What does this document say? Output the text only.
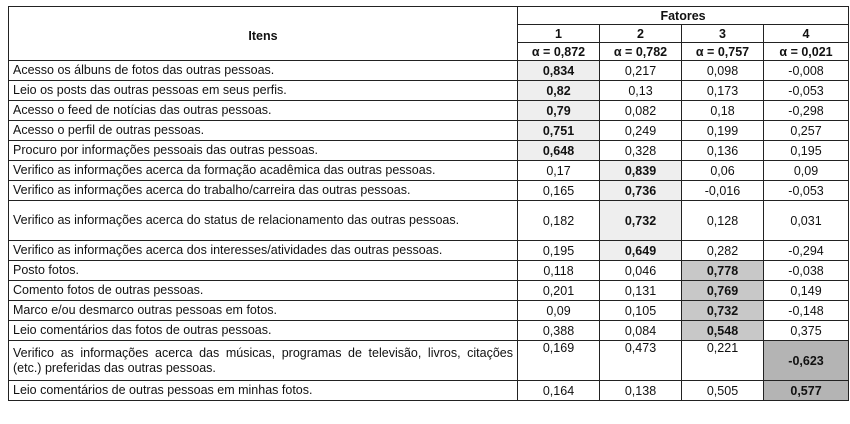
Itens	Fatores			
	1	2	3	4
	α = 0,872	α = 0,782	α = 0,757	α = 0,021
Acesso os álbuns de fotos das outras pessoas.	0,834	0,217	0,098	-0,008
Leio os posts das outras pessoas em seus perfis.	0,82	0,13	0,173	-0,053
Acesso o feed de notícias das outras pessoas.	0,79	0,082	0,18	-0,298
Acesso o perfil de outras pessoas.	0,751	0,249	0,199	0,257
Procuro por informações pessoais das outras pessoas.	0,648	0,328	0,136	0,195
Verifico as informações acerca da formação acadêmica das outras pessoas.	0,17	0,839	0,06	0,09
Verifico as informações acerca do trabalho/carreira das outras pessoas.	0,165	0,736	-0,016	-0,053
Verifico as informações acerca do status de relacionamento das outras pessoas.	0,182	0,732	0,128	0,031
Verifico as informações acerca dos interesses/atividades das outras pessoas.	0,195	0,649	0,282	-0,294
Posto fotos.	0,118	0,046	0,778	-0,038
Comento fotos de outras pessoas.	0,201	0,131	0,769	0,149
Marco e/ou desmarco outras pessoas em fotos.	0,09	0,105	0,732	-0,148
Leio comentários das fotos de outras pessoas.	0,388	0,084	0,548	0,375
Verifico as informações acerca das músicas, programas de televisão, livros, citações (etc.) preferidas das outras pessoas.	0,169	0,473	0,221	-0,623
Leio comentários de outras pessoas em minhas fotos.	0,164	0,138	0,505	0,577
